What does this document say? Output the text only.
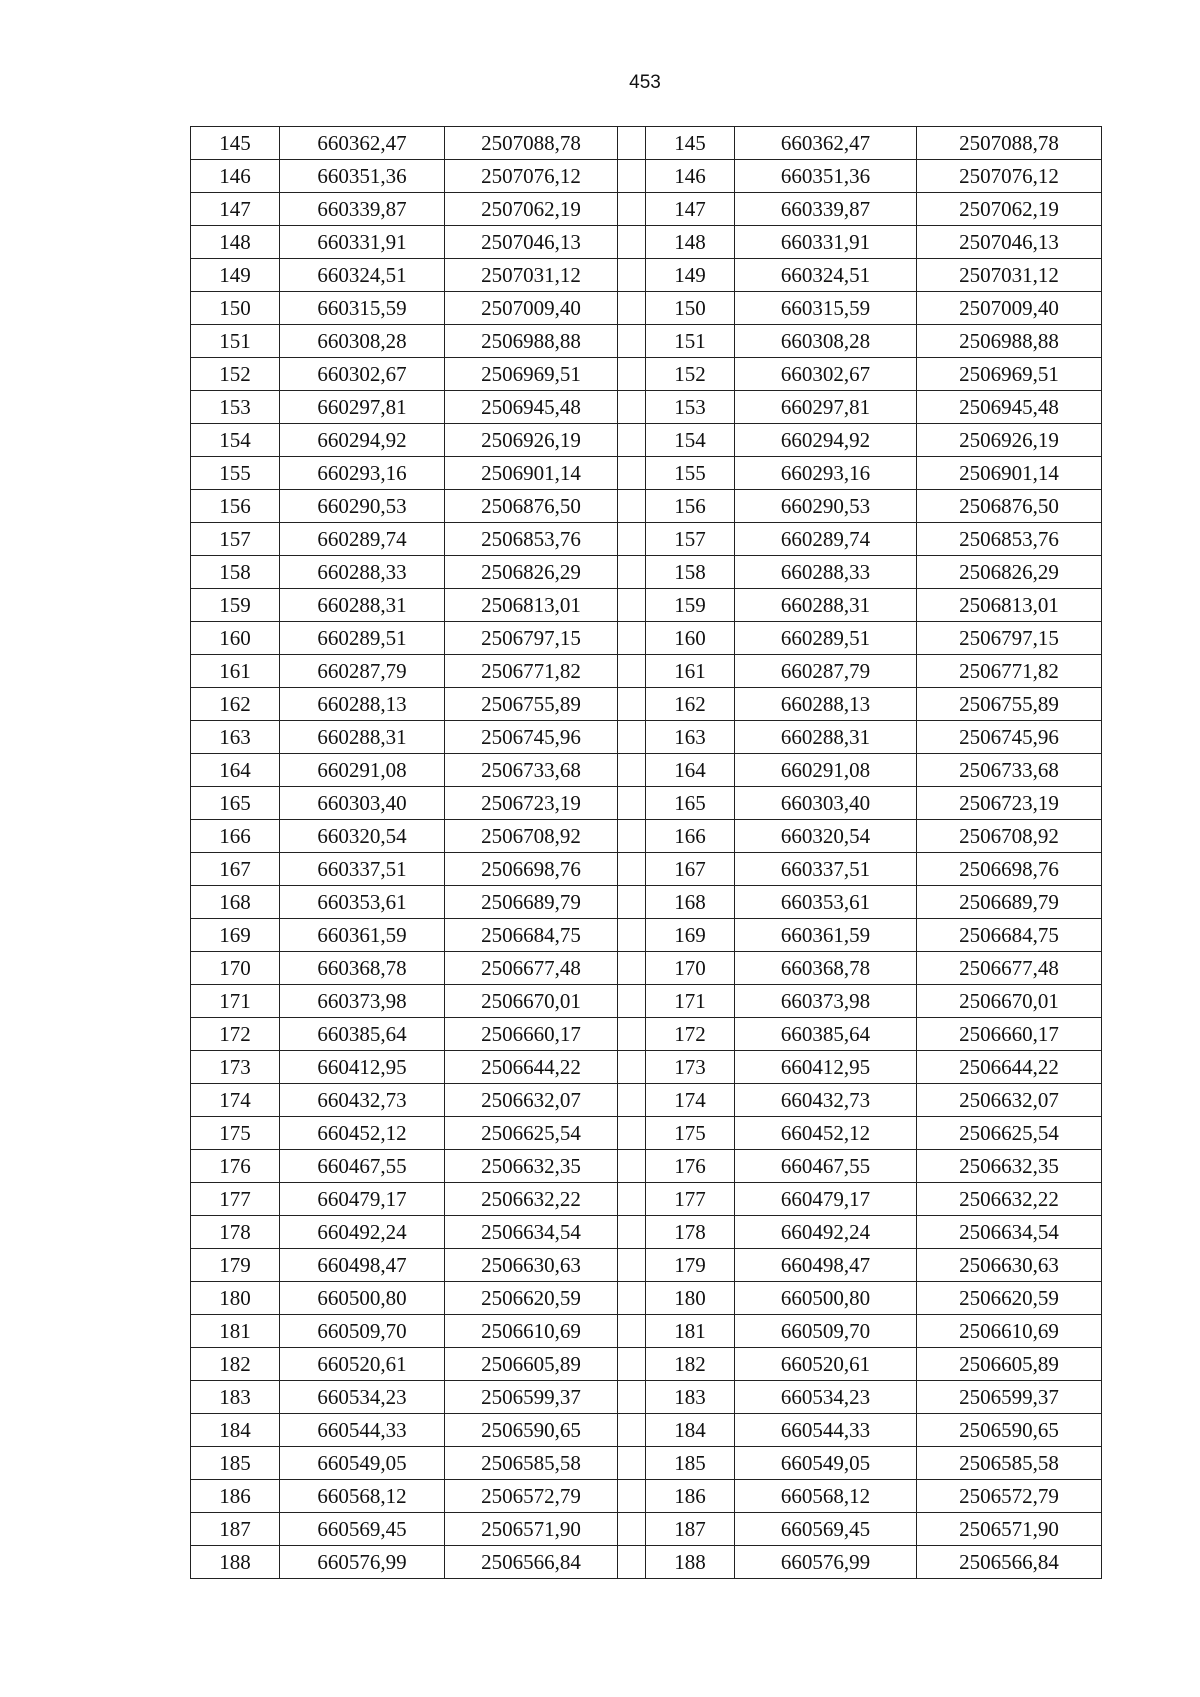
453
145	660362,47	2507088,78		145	660362,47	2507088,78
146	660351,36	2507076,12		146	660351,36	2507076,12
147	660339,87	2507062,19		147	660339,87	2507062,19
148	660331,91	2507046,13		148	660331,91	2507046,13
149	660324,51	2507031,12		149	660324,51	2507031,12
150	660315,59	2507009,40		150	660315,59	2507009,40
151	660308,28	2506988,88		151	660308,28	2506988,88
152	660302,67	2506969,51		152	660302,67	2506969,51
153	660297,81	2506945,48		153	660297,81	2506945,48
154	660294,92	2506926,19		154	660294,92	2506926,19
155	660293,16	2506901,14		155	660293,16	2506901,14
156	660290,53	2506876,50		156	660290,53	2506876,50
157	660289,74	2506853,76		157	660289,74	2506853,76
158	660288,33	2506826,29		158	660288,33	2506826,29
159	660288,31	2506813,01		159	660288,31	2506813,01
160	660289,51	2506797,15		160	660289,51	2506797,15
161	660287,79	2506771,82		161	660287,79	2506771,82
162	660288,13	2506755,89		162	660288,13	2506755,89
163	660288,31	2506745,96		163	660288,31	2506745,96
164	660291,08	2506733,68		164	660291,08	2506733,68
165	660303,40	2506723,19		165	660303,40	2506723,19
166	660320,54	2506708,92		166	660320,54	2506708,92
167	660337,51	2506698,76		167	660337,51	2506698,76
168	660353,61	2506689,79		168	660353,61	2506689,79
169	660361,59	2506684,75		169	660361,59	2506684,75
170	660368,78	2506677,48		170	660368,78	2506677,48
171	660373,98	2506670,01		171	660373,98	2506670,01
172	660385,64	2506660,17		172	660385,64	2506660,17
173	660412,95	2506644,22		173	660412,95	2506644,22
174	660432,73	2506632,07		174	660432,73	2506632,07
175	660452,12	2506625,54		175	660452,12	2506625,54
176	660467,55	2506632,35		176	660467,55	2506632,35
177	660479,17	2506632,22		177	660479,17	2506632,22
178	660492,24	2506634,54		178	660492,24	2506634,54
179	660498,47	2506630,63		179	660498,47	2506630,63
180	660500,80	2506620,59		180	660500,80	2506620,59
181	660509,70	2506610,69		181	660509,70	2506610,69
182	660520,61	2506605,89		182	660520,61	2506605,89
183	660534,23	2506599,37		183	660534,23	2506599,37
184	660544,33	2506590,65		184	660544,33	2506590,65
185	660549,05	2506585,58		185	660549,05	2506585,58
186	660568,12	2506572,79		186	660568,12	2506572,79
187	660569,45	2506571,90		187	660569,45	2506571,90
188	660576,99	2506566,84		188	660576,99	2506566,84
